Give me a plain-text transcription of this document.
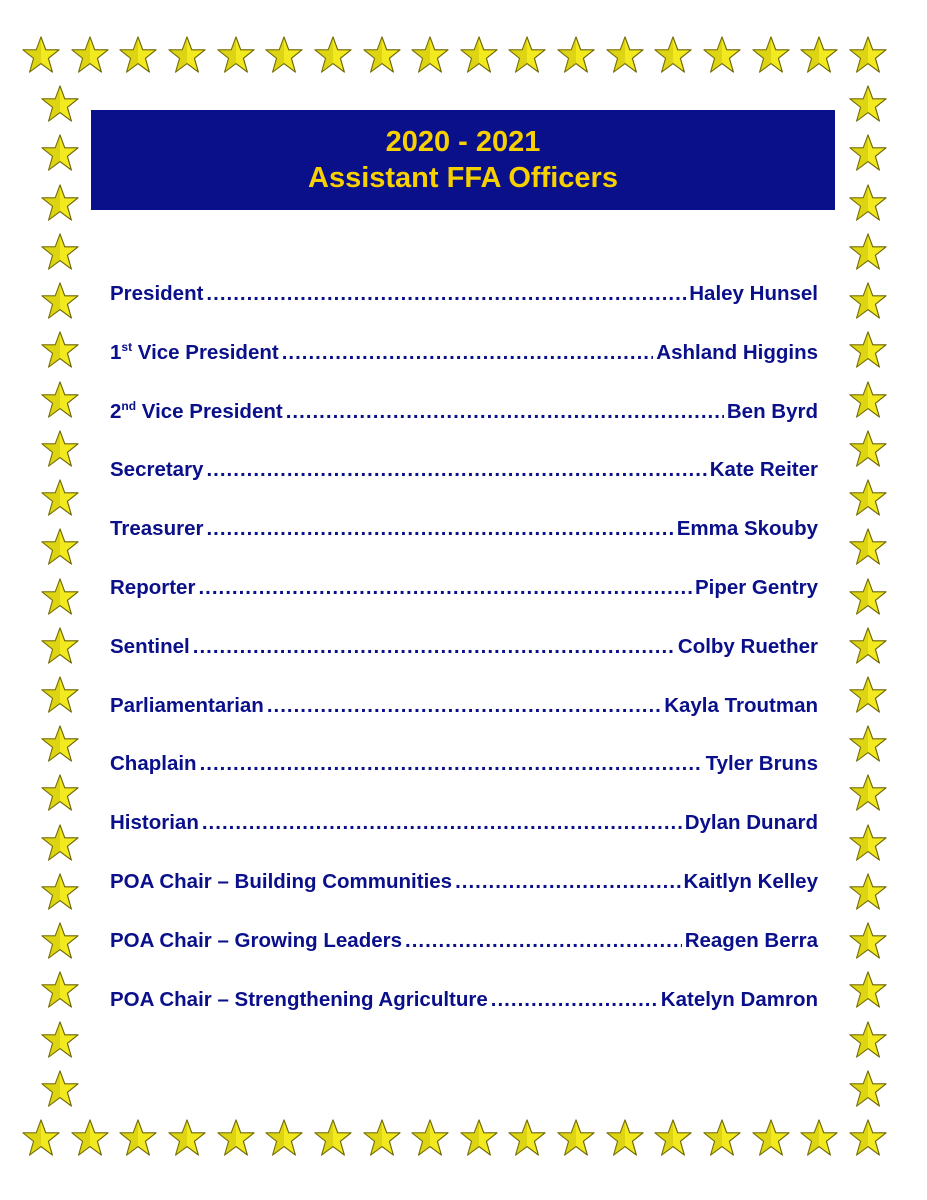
2020 - 2021
Assistant FFA Officers
President .....	Haley Hunsel
1st Vice President .....	Ashland Higgins
2nd Vice President .....	Ben Byrd
Secretary .....	Kate Reiter
Treasurer .....	Emma Skouby
Reporter .....	Piper Gentry
Sentinel .....	Colby Ruether
Parliamentarian .....	Kayla Troutman
Chaplain .....	Tyler Bruns
Historian .....	Dylan Dunard
POA Chair – Building Communities .....	Kaitlyn Kelley
POA Chair – Growing Leaders .....	Reagen Berra
POA Chair – Strengthening Agriculture .....	Katelyn Damron
